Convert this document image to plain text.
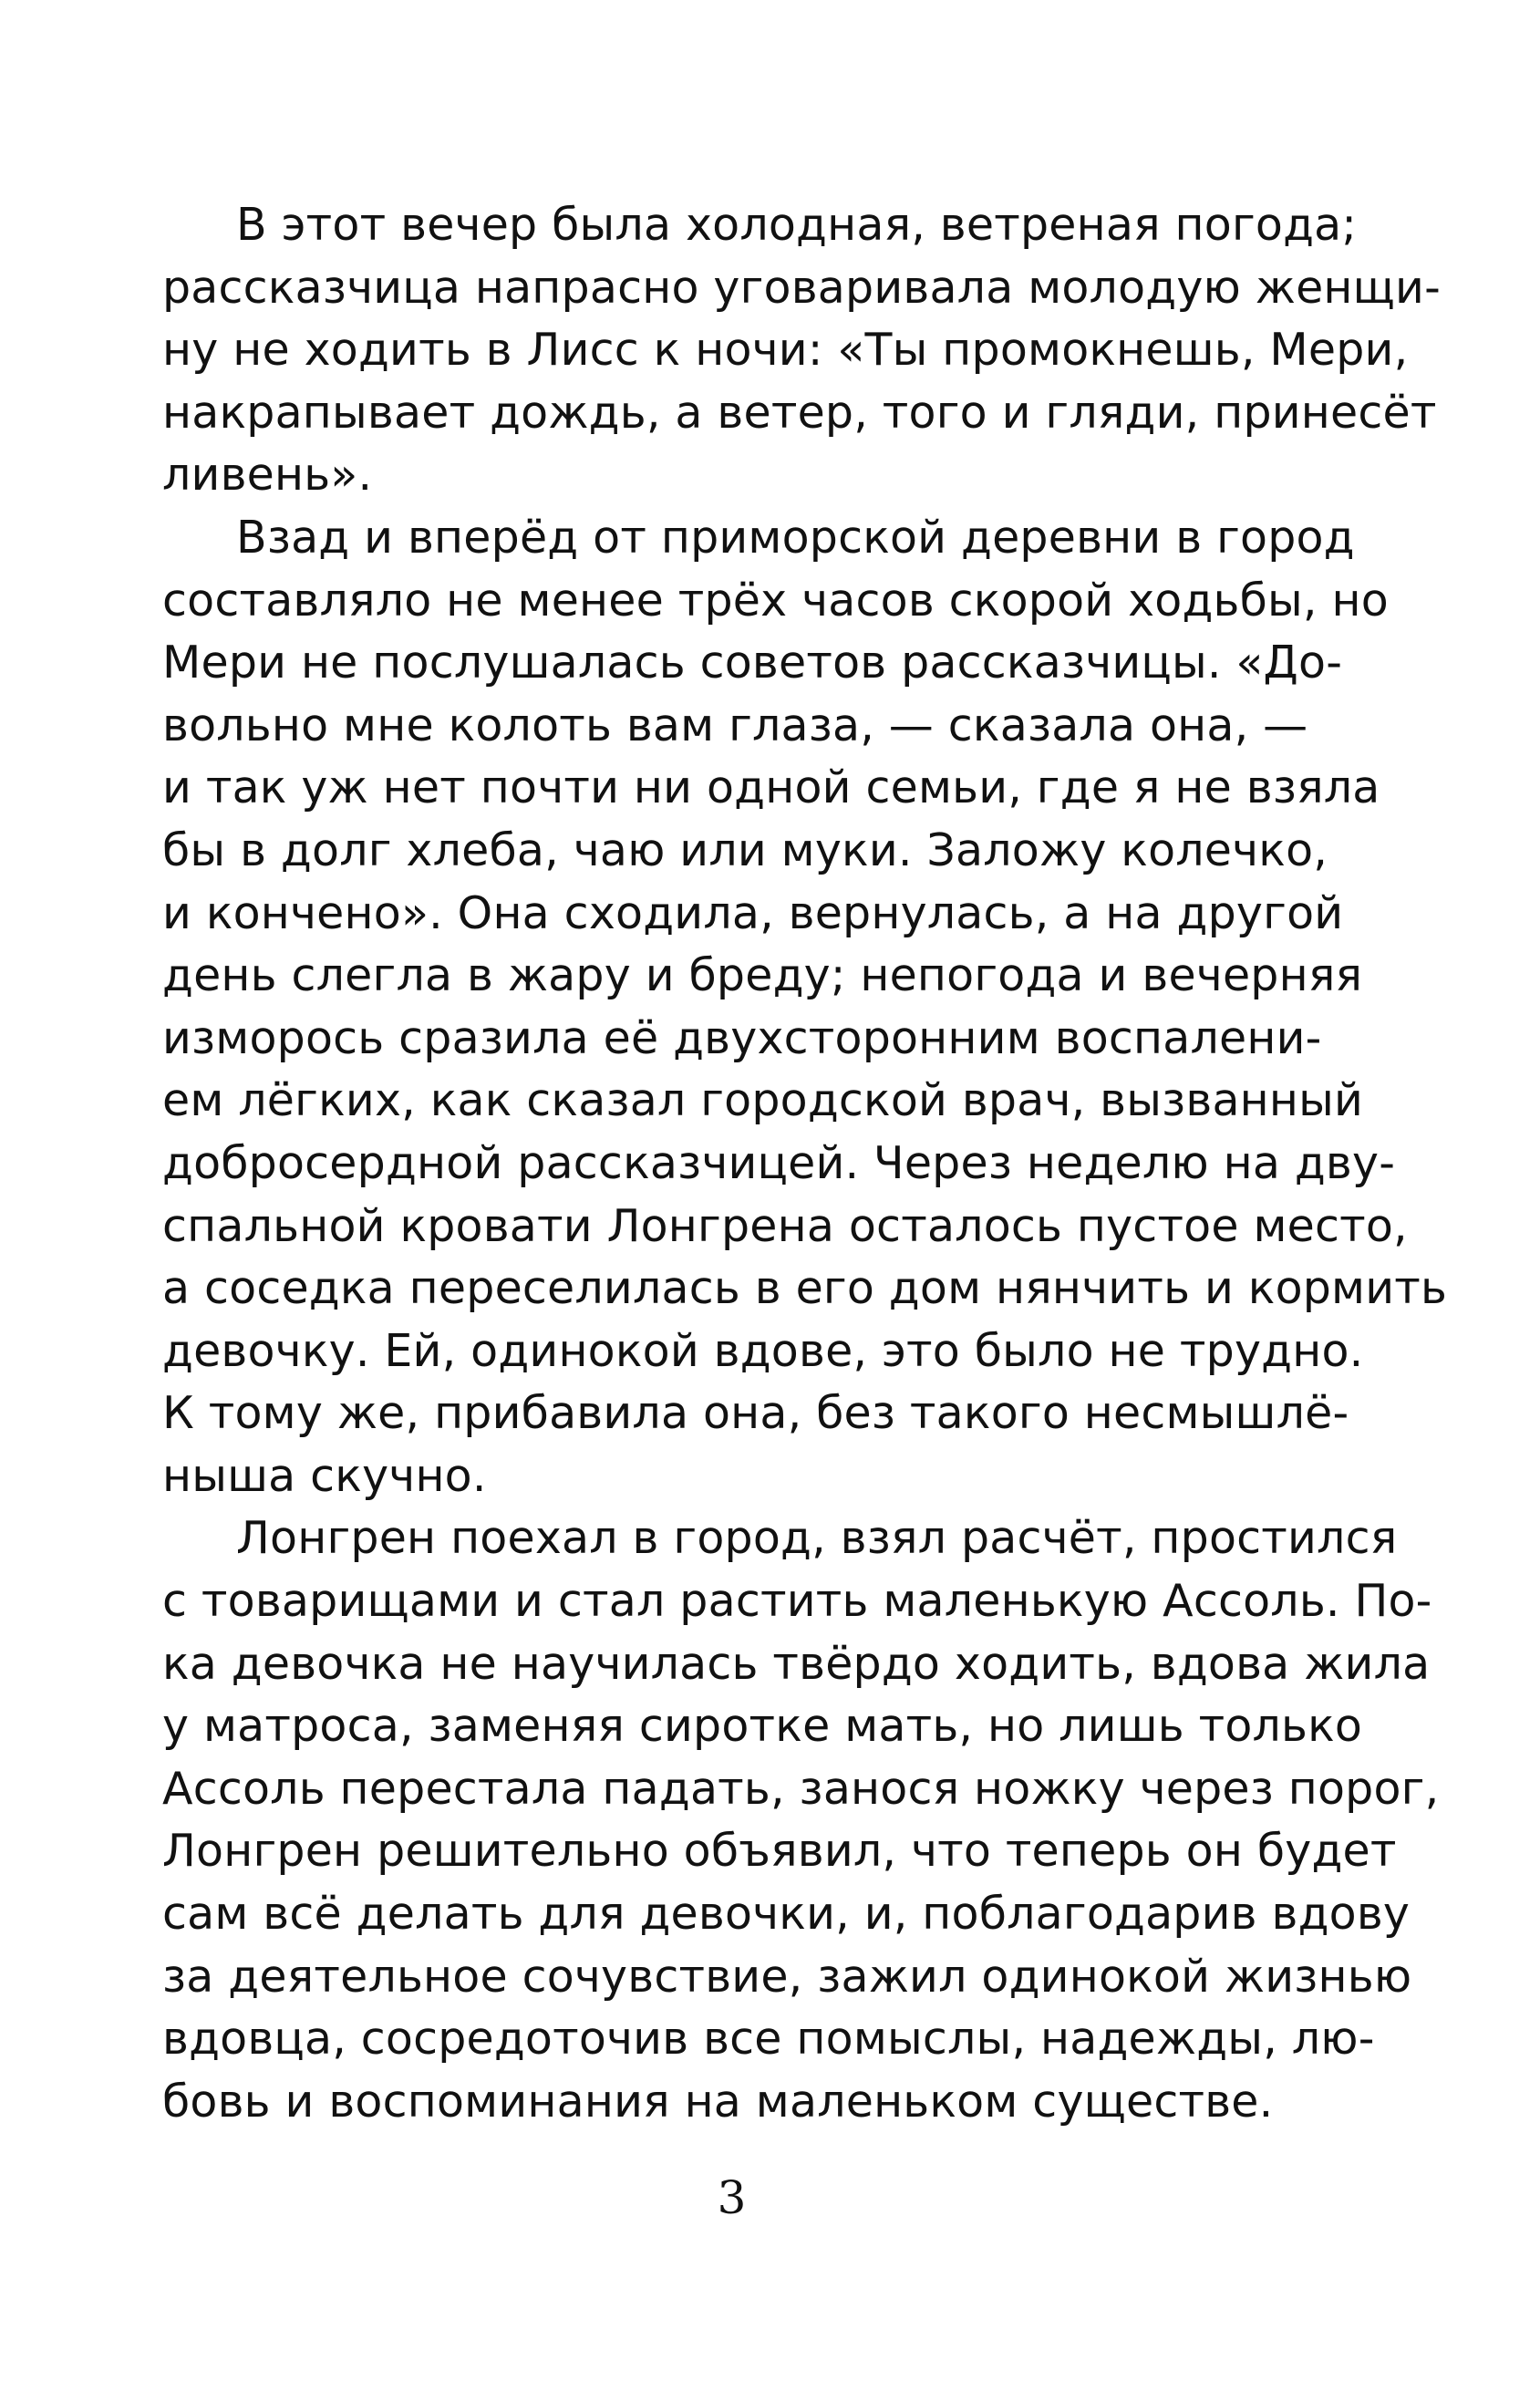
В этот вечер была холодная, ветреная погода;
рассказчица напрасно уговаривала молодую женщи-
ну не ходить в Лисс к ночи: «Ты промокнешь, Мери,
накрапывает дождь, а ветер, того и гляди, принесёт
ливень».
Взад и вперёд от приморской деревни в город
составляло не менее трёх часов скорой ходьбы, но
Мери не послушалась советов рассказчицы. «До-
вольно мне колоть вам глаза, — сказала она, —
и так уж нет почти ни одной семьи, где я не взяла
бы в долг хлеба, чаю или муки. Заложу колечко,
и кончено». Она сходила, вернулась, а на другой
день слегла в жару и бреду; непогода и вечерняя
изморось сразила её двухсторонним воспалени-
ем лёгких, как сказал городской врач, вызванный
добросердной рассказчицей. Через неделю на дву-
спальной кровати Лонгрена осталось пустое место,
а соседка переселилась в его дом нянчить и кормить
девочку. Ей, одинокой вдове, это было не трудно.
К тому же, прибавила она, без такого несмышлё-
ныша скучно.
Лонгрен поехал в город, взял расчёт, простился
с товарищами и стал растить маленькую Ассоль. По-
ка девочка не научилась твёрдо ходить, вдова жила
у матроса, заменяя сиротке мать, но лишь только
Ассоль перестала падать, занося ножку через порог,
Лонгрен решительно объявил, что теперь он будет
сам всё делать для девочки, и, поблагодарив вдову
за деятельное сочувствие, зажил одинокой жизнью
вдовца, сосредоточив все помыслы, надежды, лю-
бовь и воспоминания на маленьком существе.
3
